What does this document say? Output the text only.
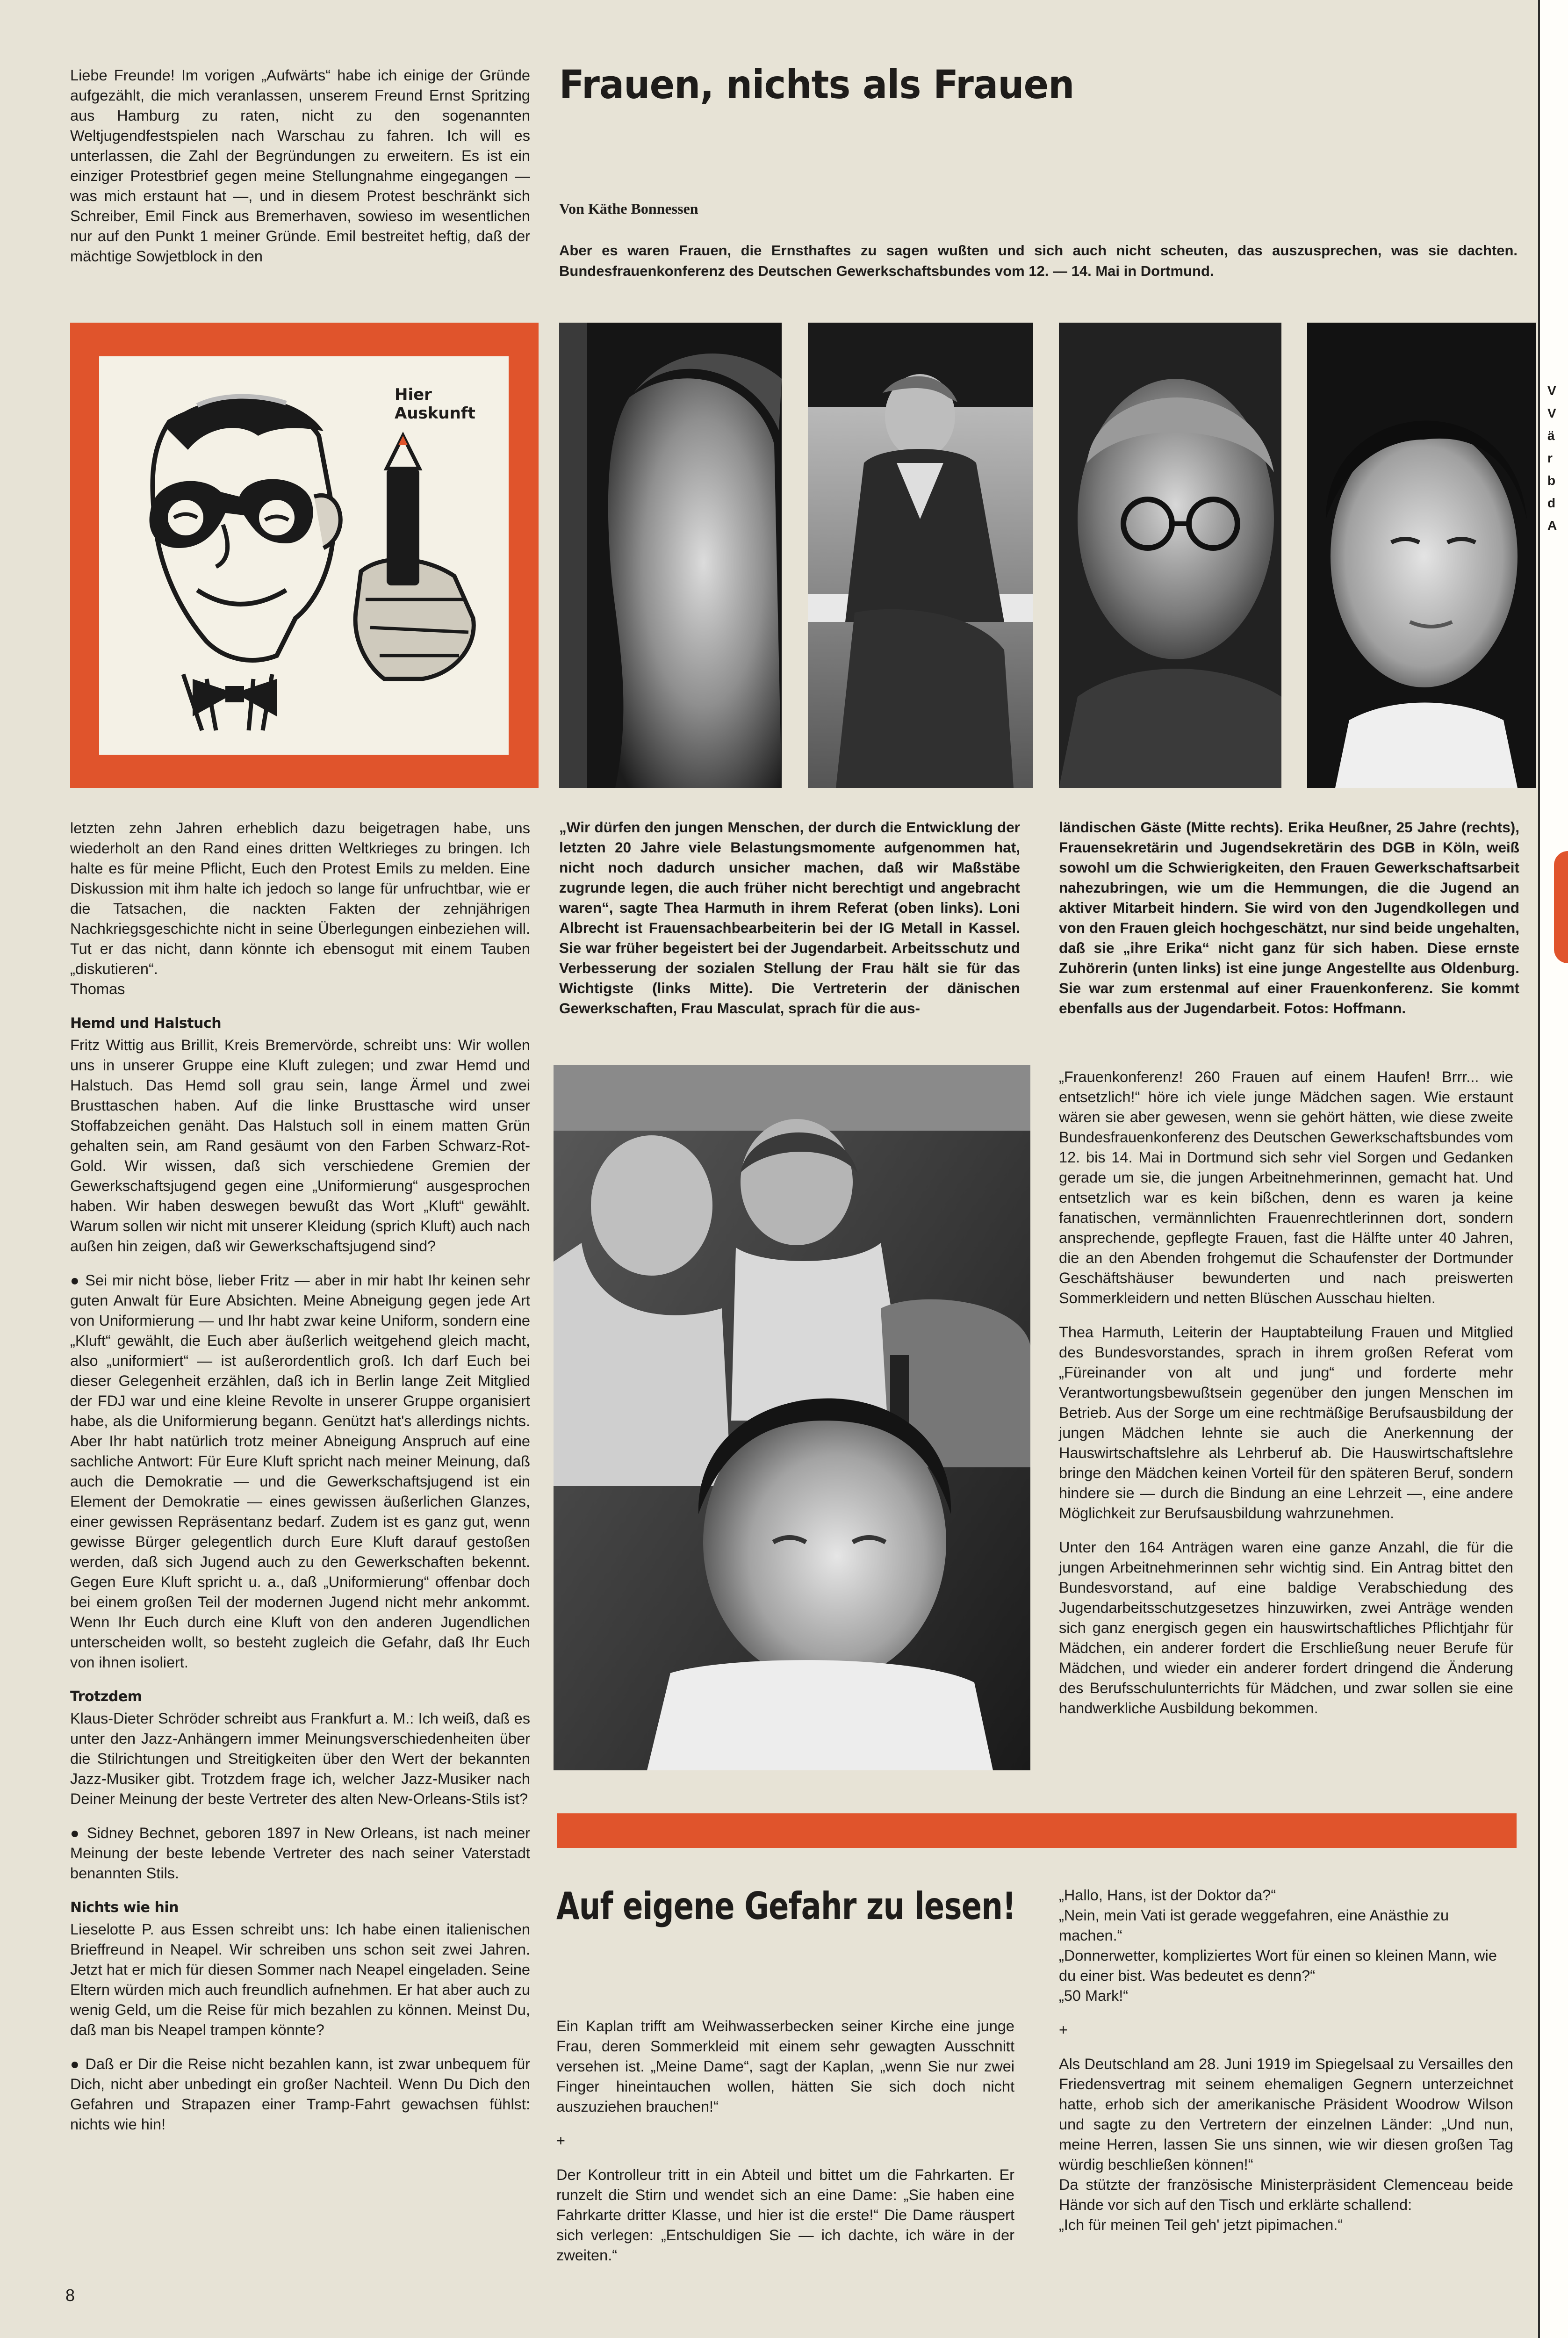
Liebe Freunde! Im vorigen „Aufwärts“ habe ich einige der Gründe aufgezählt, die mich veranlassen, unserem Freund Ernst Spritzing aus Hamburg zu raten, nicht zu den sogenannten Weltjugendfestspielen nach Warschau zu fahren. Ich will es unterlassen, die Zahl der Begründungen zu erweitern. Es ist ein einziger Protestbrief gegen meine Stellungnahme eingegangen — was mich erstaunt hat —, und in diesem Protest beschränkt sich Schreiber, Emil Finck aus Bremerhaven, sowieso im wesentlichen nur auf den Punkt 1 meiner Gründe. Emil bestreitet heftig, daß der mächtige Sowjetblock in den

Hier Auskunft

letzten zehn Jahren erheblich dazu beigetragen habe, uns wiederholt an den Rand eines dritten Weltkrieges zu bringen. Ich halte es für meine Pflicht, Euch den Protest Emils zu melden. Eine Diskussion mit ihm halte ich jedoch so lange für unfruchtbar, wie er die Tatsachen, die nackten Fakten der zehnjährigen Nachkriegsgeschichte nicht in seine Überlegungen einbeziehen will. Tut er das nicht, dann könnte ich ebensogut mit einem Tauben „diskutieren“.

Thomas

Hemd und Halstuch

Fritz Wittig aus Brillit, Kreis Bremervörde, schreibt uns: Wir wollen uns in unserer Gruppe eine Kluft zulegen; und zwar Hemd und Halstuch. Das Hemd soll grau sein, lange Ärmel und zwei Brusttaschen haben. Auf die linke Brusttasche wird unser Stoffabzeichen genäht. Das Halstuch soll in einem matten Grün gehalten sein, am Rand gesäumt von den Farben Schwarz-Rot-Gold. Wir wissen, daß sich verschiedene Gremien der Gewerkschaftsjugend gegen eine „Uniformierung“ ausgesprochen haben. Wir haben deswegen bewußt das Wort „Kluft“ gewählt. Warum sollen wir nicht mit unserer Kleidung (sprich Kluft) auch nach außen hin zeigen, daß wir Gewerkschaftsjugend sind?

● Sei mir nicht böse, lieber Fritz — aber in mir habt Ihr keinen sehr guten Anwalt für Eure Absichten. Meine Abneigung gegen jede Art von Uniformierung — und Ihr habt zwar keine Uniform, sondern eine „Kluft“ gewählt, die Euch aber äußerlich weitgehend gleich macht, also „uniformiert“ — ist außerordentlich groß. Ich darf Euch bei dieser Gelegenheit erzählen, daß ich in Berlin lange Zeit Mitglied der FDJ war und eine kleine Revolte in unserer Gruppe organisiert habe, als die Uniformierung begann. Genützt hat's allerdings nichts. Aber Ihr habt natürlich trotz meiner Abneigung Anspruch auf eine sachliche Antwort: Für Eure Kluft spricht nach meiner Meinung, daß auch die Demokratie — und die Gewerkschaftsjugend ist ein Element der Demokratie — eines gewissen äußerlichen Glanzes, einer gewissen Repräsentanz bedarf. Zudem ist es ganz gut, wenn gewisse Bürger gelegentlich durch Eure Kluft darauf gestoßen werden, daß sich Jugend auch zu den Gewerkschaften bekennt. Gegen Eure Kluft spricht u. a., daß „Uniformierung“ offenbar doch bei einem großen Teil der modernen Jugend nicht mehr ankommt. Wenn Ihr Euch durch eine Kluft von den anderen Jugendlichen unterscheiden wollt, so besteht zugleich die Gefahr, daß Ihr Euch von ihnen isoliert.

Trotzdem

Klaus-Dieter Schröder schreibt aus Frankfurt a. M.: Ich weiß, daß es unter den Jazz-Anhängern immer Meinungsverschiedenheiten über die Stilrichtungen und Streitigkeiten über den Wert der bekannten Jazz-Musiker gibt. Trotzdem frage ich, welcher Jazz-Musiker nach Deiner Meinung der beste Vertreter des alten New-Orleans-Stils ist?

● Sidney Bechnet, geboren 1897 in New Orleans, ist nach meiner Meinung der beste lebende Vertreter des nach seiner Vaterstadt benannten Stils.

Nichts wie hin

Lieselotte P. aus Essen schreibt uns: Ich habe einen italienischen Brieffreund in Neapel. Wir schreiben uns schon seit zwei Jahren. Jetzt hat er mich für diesen Sommer nach Neapel eingeladen. Seine Eltern würden mich auch freundlich aufnehmen. Er hat aber auch zu wenig Geld, um die Reise für mich bezahlen zu können. Meinst Du, daß man bis Neapel trampen könnte?

● Daß er Dir die Reise nicht bezahlen kann, ist zwar unbequem für Dich, nicht aber unbedingt ein großer Nachteil. Wenn Du Dich den Gefahren und Strapazen einer Tramp-Fahrt gewachsen fühlst: nichts wie hin!

8
Frauen, nichts als Frauen
Von Käthe Bonnessen
Aber es waren Frauen, die Ernsthaftes zu sagen wußten und sich auch nicht scheuten, das auszusprechen, was sie dachten. Bundesfrauenkonferenz des Deutschen Gewerkschaftsbundes vom 12. — 14. Mai in Dortmund.
„Wir dürfen den jungen Menschen, der durch die Entwicklung der letzten 20 Jahre viele Belastungsmomente aufgenommen hat, nicht noch dadurch unsicher machen, daß wir Maßstäbe zugrunde legen, die auch früher nicht berechtigt und angebracht waren“, sagte Thea Harmuth in ihrem Referat (oben links). Loni Albrecht ist Frauensachbearbeiterin bei der IG Metall in Kassel. Sie war früher begeistert bei der Jugendarbeit. Arbeitsschutz und Verbesserung der sozialen Stellung der Frau hält sie für das Wichtigste (links Mitte). Die Vertreterin der dänischen Gewerkschaften, Frau Masculat, sprach für die aus-
ländischen Gäste (Mitte rechts). Erika Heußner, 25 Jahre (rechts), Frauensekretärin und Jugendsekretärin des DGB in Köln, weiß sowohl um die Schwierigkeiten, den Frauen Gewerkschaftsarbeit nahezubringen, wie um die Hemmungen, die die Jugend an aktiver Mitarbeit hindern. Sie wird von den Jugendkollegen und von den Frauen gleich hochgeschätzt, nur sind beide ungehalten, daß sie „ihre Erika“ nicht ganz für sich haben. Diese ernste Zuhörerin (unten links) ist eine junge Angestellte aus Oldenburg. Sie war zum erstenmal auf einer Frauenkonferenz. Sie kommt ebenfalls aus der Jugendarbeit. Fotos: Hoffmann.

„Frauenkonferenz! 260 Frauen auf einem Haufen! Brrr... wie entsetzlich!“ höre ich viele junge Mädchen sagen. Wie erstaunt wären sie aber gewesen, wenn sie gehört hätten, wie diese zweite Bundesfrauenkonferenz des Deutschen Gewerkschaftsbundes vom 12. bis 14. Mai in Dortmund sich sehr viel Sorgen und Gedanken gerade um sie, die jungen Arbeitnehmerinnen, gemacht hat. Und entsetzlich war es kein bißchen, denn es waren ja keine fanatischen, vermännlichten Frauenrechtlerinnen dort, sondern ansprechende, gepflegte Frauen, fast die Hälfte unter 40 Jahren, die an den Abenden frohgemut die Schaufenster der Dortmunder Geschäftshäuser bewunderten und nach preiswerten Sommerkleidern und netten Blüschen Ausschau hielten.

Thea Harmuth, Leiterin der Hauptabteilung Frauen und Mitglied des Bundesvorstandes, sprach in ihrem großen Referat vom „Füreinander von alt und jung“ und forderte mehr Verantwortungsbewußtsein gegenüber den jungen Menschen im Betrieb. Aus der Sorge um eine rechtmäßige Berufsausbildung der jungen Mädchen lehnte sie auch die Anerkennung der Hauswirtschaftslehre als Lehrberuf ab. Die Hauswirtschaftslehre bringe den Mädchen keinen Vorteil für den späteren Beruf, sondern hindere sie — durch die Bindung an eine Lehrzeit —, eine andere Möglichkeit zur Berufsausbildung wahrzunehmen.

Unter den 164 Anträgen waren eine ganze Anzahl, die für die jungen Arbeitnehmerinnen sehr wichtig sind. Ein Antrag bittet den Bundesvorstand, auf eine baldige Verabschiedung des Jugendarbeitsschutzgesetzes hinzuwirken, zwei Anträge wenden sich ganz energisch gegen ein hauswirtschaftliches Pflichtjahr für Mädchen, ein anderer fordert die Erschließung neuer Berufe für Mädchen, und wieder ein anderer fordert dringend die Änderung des Berufsschulunterrichts für Mädchen, und zwar sollen sie eine handwerkliche Ausbildung bekommen.

Auf eigene Gefahr zu lesen!

Ein Kaplan trifft am Weihwasserbecken seiner Kirche eine junge Frau, deren Sommerkleid mit einem sehr gewagten Ausschnitt versehen ist. „Meine Dame“, sagt der Kaplan, „wenn Sie nur zwei Finger hineintauchen wollen, hätten Sie sich doch nicht auszuziehen brauchen!“

+

Der Kontrolleur tritt in ein Abteil und bittet um die Fahrkarten. Er runzelt die Stirn und wendet sich an eine Dame: „Sie haben eine Fahrkarte dritter Klasse, und hier ist die erste!“ Die Dame räuspert sich verlegen: „Entschuldigen Sie — ich dachte, ich wäre in der zweiten.“

„Hallo, Hans, ist der Doktor da?“
„Nein, mein Vati ist gerade weggefahren, eine Anästhie zu machen.“
„Donnerwetter, kompliziertes Wort für einen so kleinen Mann, wie du einer bist. Was bedeutet es denn?“
„50 Mark!“

+

Als Deutschland am 28. Juni 1919 im Spiegelsaal zu Versailles den Friedensvertrag mit seinem ehemaligen Gegnern unterzeichnet hatte, erhob sich der amerikanische Präsident Woodrow Wilson und sagte zu den Vertretern der einzelnen Länder: „Und nun, meine Herren, lassen Sie uns sinnen, wie wir diesen großen Tag würdig beschließen können!“
Da stützte der französische Ministerpräsident Clemenceau beide Hände vor sich auf den Tisch und erklärte schallend:
„Ich für meinen Teil geh' jetzt pipimachen.“

V
V
ä
r
b
d
A
